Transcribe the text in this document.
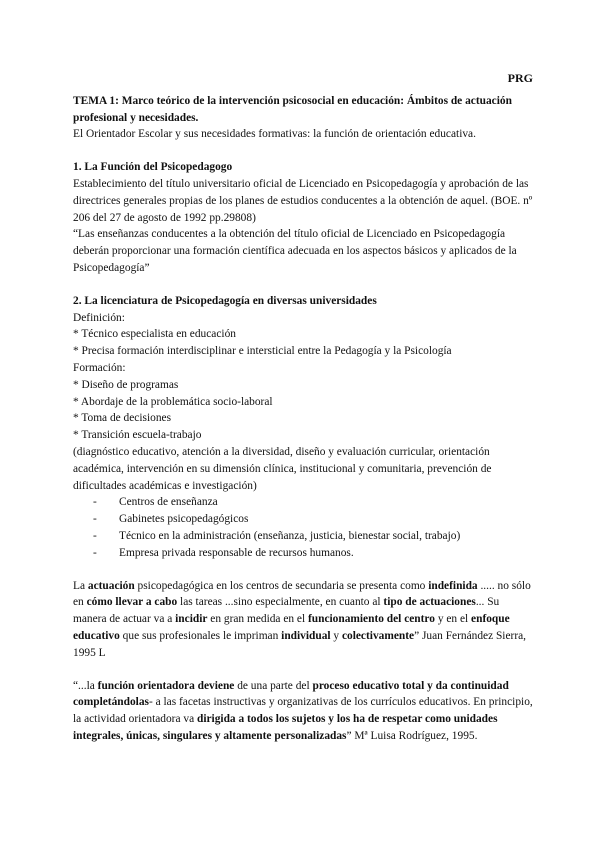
PRG

TEMA 1: Marco teórico de la intervención psicosocial en educación: Ámbitos de actuación profesional y necesidades.

El Orientador Escolar y sus necesidades formativas: la función de orientación educativa.

1. La Función del Psicopedagogo

Establecimiento del título universitario oficial de Licenciado en Psicopedagogía y aprobación de las directrices generales propias de los planes de estudios conducentes a la obtención de aquel. (BOE. nº 206 del 27 de agosto de 1992 pp.29808)

“Las enseñanzas conducentes a la obtención del título oficial de Licenciado en Psicopedagogía deberán proporcionar una formación científica adecuada en los aspectos básicos y aplicados de la Psicopedagogía”

2. La licenciatura de Psicopedagogía en diversas universidades

Definición:

* Técnico especialista en educación

* Precisa formación interdisciplinar e intersticial entre la Pedagogía y la Psicología

Formación:

* Diseño de programas

* Abordaje de la problemática socio-laboral

* Toma de decisiones

* Transición escuela-trabajo

(diagnóstico educativo, atención a la diversidad, diseño y evaluación curricular, orientación académica, intervención en su dimensión clínica, institucional y comunitaria, prevención de dificultades académicas e investigación)

- Centros de enseñanza
- Gabinetes psicopedagógicos
- Técnico en la administración (enseñanza, justicia, bienestar social, trabajo)
- Empresa privada responsable de recursos humanos.

La actuación psicopedagógica en los centros de secundaria se presenta como indefinida ..... no sólo en cómo llevar a cabo las tareas ...sino especialmente, en cuanto al tipo de actuaciones... Su manera de actuar va a incidir en gran medida en el funcionamiento del centro y en el enfoque educativo que sus profesionales le impriman individual y colectivamente” Juan Fernández Sierra, 1995 L

“...la función orientadora deviene de una parte del proceso educativo total y da continuidad completándolas- a las facetas instructivas y organizativas de los currículos educativos. En principio, la actividad orientadora va dirigida a todos los sujetos y los ha de respetar como unidades integrales, únicas, singulares y altamente personalizadas” Mª Luisa Rodríguez, 1995.
